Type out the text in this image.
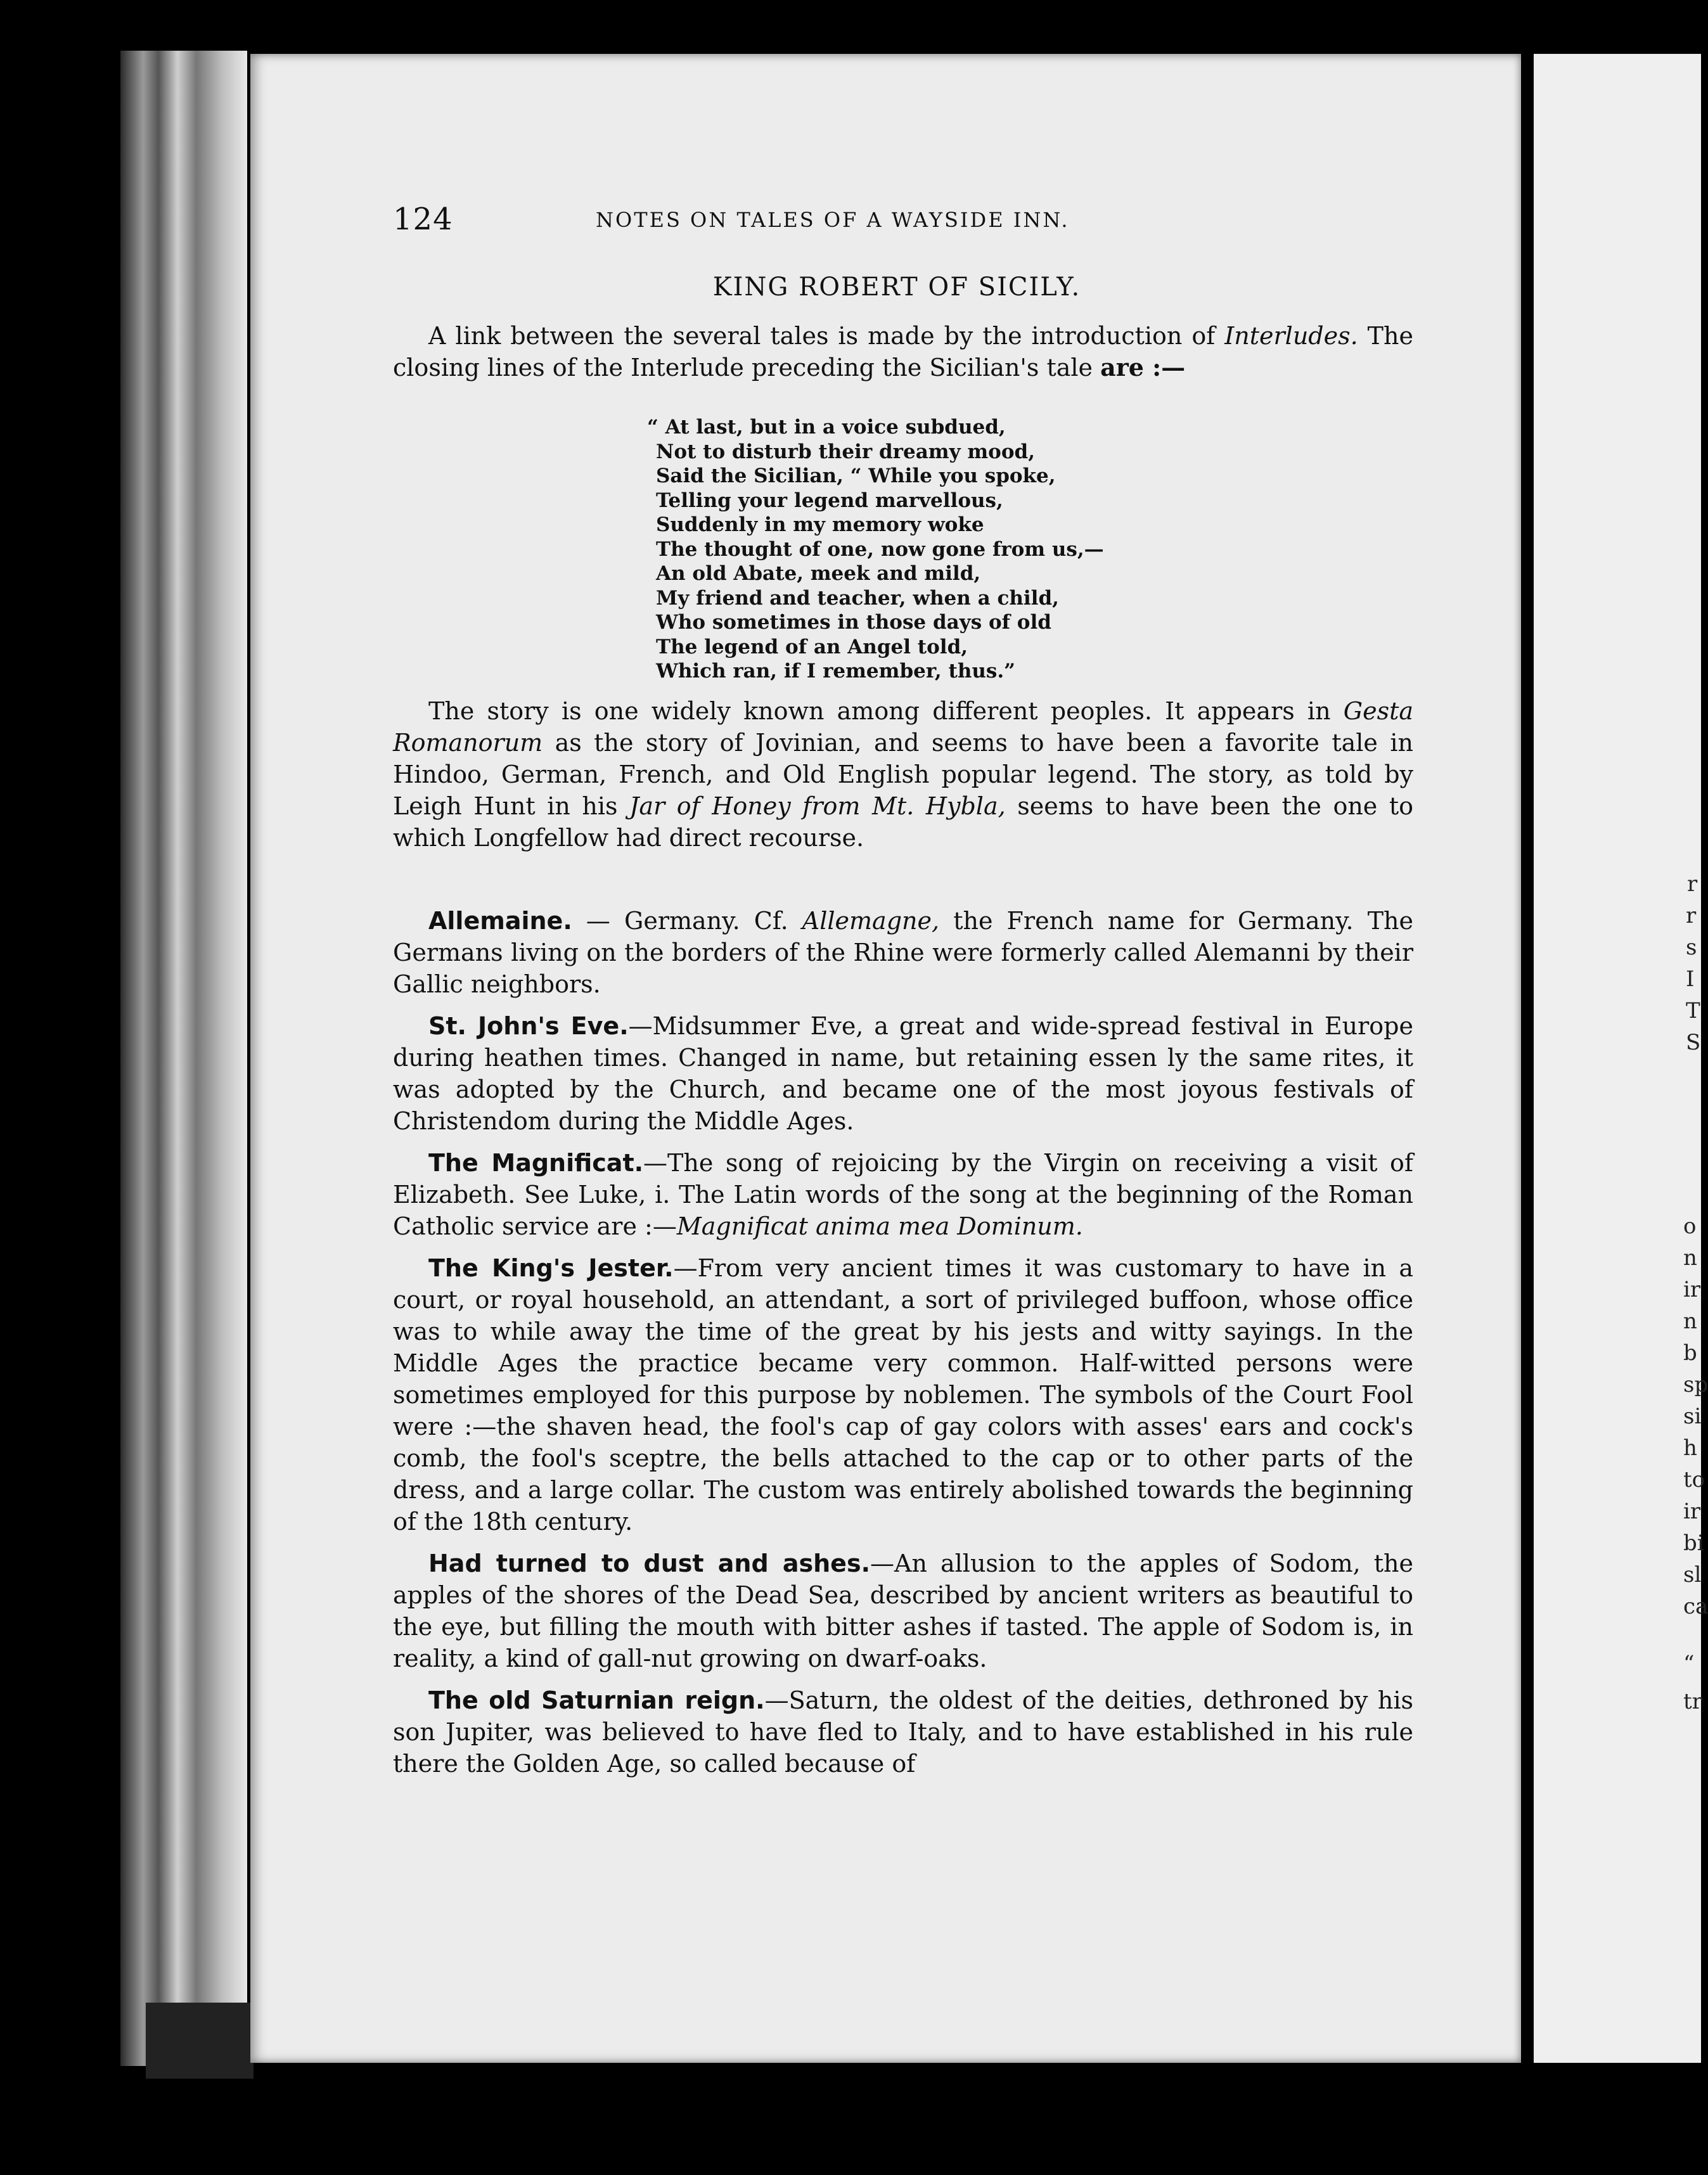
r
r
s
I
T
S
o
n
ir
n
b
sp
si
h
to
ir
bi
sl
ca
“
tr
124	NOTES ON TALES OF A WAYSIDE INN.
KING ROBERT OF SICILY.

A link between the several tales is made by the introduction of Interludes. The closing lines of the Interlude preceding the Sicilian's tale are :—

“ At last, but in a voice subdued,
Not to disturb their dreamy mood,
Said the Sicilian, “ While you spoke,
Telling your legend marvellous,
Suddenly in my memory woke
The thought of one, now gone from us,—
An old Abate, meek and mild,
My friend and teacher, when a child,
Who sometimes in those days of old
The legend of an Angel told,
Which ran, if I remember, thus.”

The story is one widely known among different peoples. It appears in Gesta Romanorum as the story of Jovinian, and seems to have been a favorite tale in Hindoo, German, French, and Old English popular legend. The story, as told by Leigh Hunt in his Jar of Honey from Mt. Hybla, seems to have been the one to which Longfellow had direct recourse.

Allemaine. — Germany. Cf. Allemagne, the French name for Germany. The Germans living on the borders of the Rhine were formerly called Alemanni by their Gallic neighbors.

St. John's Eve.—Midsummer Eve, a great and wide-spread festival in Europe during heathen times. Changed in name, but retaining essen ly the same rites, it was adopted by the Church, and became one of the most joyous festivals of Christendom during the Middle Ages.

The Magnificat.—The song of rejoicing by the Virgin on receiving a visit of Elizabeth. See Luke, i. The Latin words of the song at the beginning of the Roman Catholic service are :—Magnificat anima mea Dominum.

The King's Jester.—From very ancient times it was customary to have in a court, or royal household, an attendant, a sort of privileged buffoon, whose office was to while away the time of the great by his jests and witty sayings. In the Middle Ages the practice became very common. Half-witted persons were sometimes employed for this purpose by noblemen. The symbols of the Court Fool were :—the shaven head, the fool's cap of gay colors with asses' ears and cock's comb, the fool's sceptre, the bells attached to the cap or to other parts of the dress, and a large collar. The custom was entirely abolished towards the beginning of the 18th century.

Had turned to dust and ashes.—An allusion to the apples of Sodom, the apples of the shores of the Dead Sea, described by ancient writers as beautiful to the eye, but filling the mouth with bitter ashes if tasted. The apple of Sodom is, in reality, a kind of gall-nut growing on dwarf-oaks.

The old Saturnian reign.—Saturn, the oldest of the deities, dethroned by his son Jupiter, was believed to have fled to Italy, and to have established in his rule there the Golden Age, so called because of
